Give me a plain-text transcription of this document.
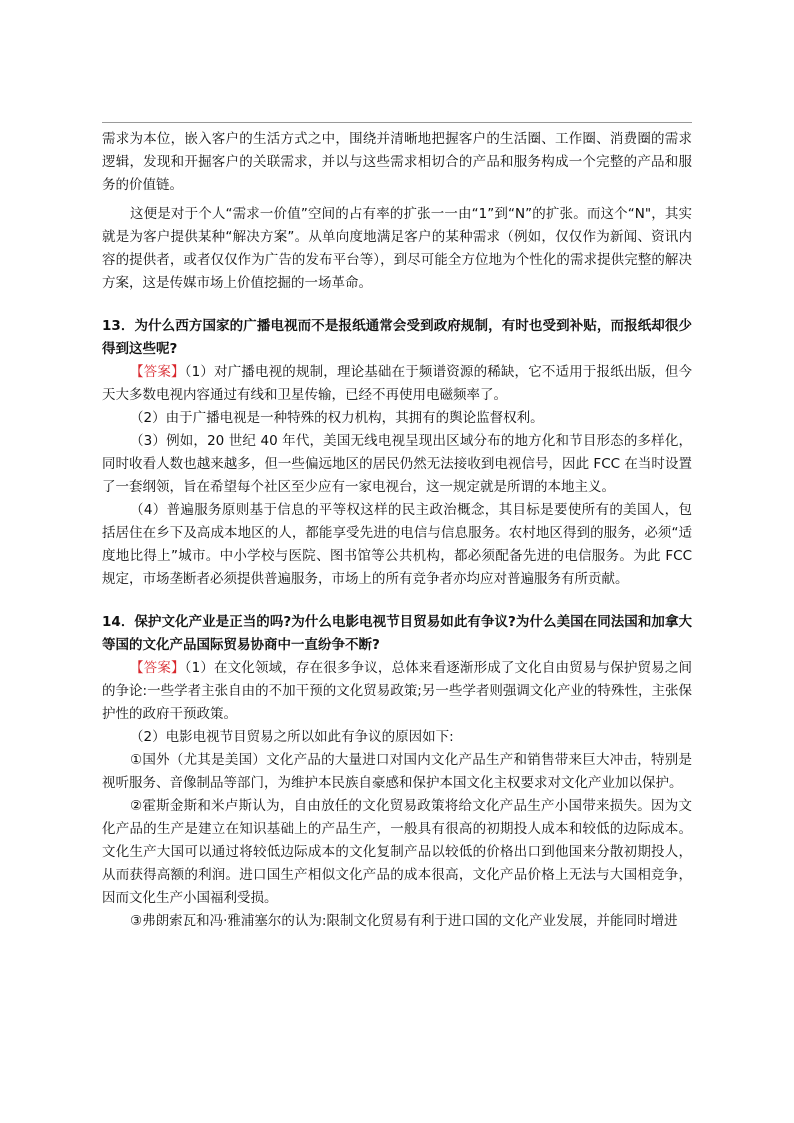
需求为本位，嵌入客户的生活方式之中，围绕并清晰地把握客户的生活圈、工作圈、消费圈的需求逻辑，发现和开掘客户的关联需求，并以与这些需求相切合的产品和服务构成一个完整的产品和服务的价值链。

这便是对于个人“需求一价值”空间的占有率的扩张一一由“1”到“N”的扩张。而这个“N"，其实就是为客户提供某种“解决方案”。从单向度地满足客户的某种需求（例如，仅仅作为新闻、资讯内容的提供者，或者仅仅作为广告的发布平台等），到尽可能全方位地为个性化的需求提供完整的解决方案，这是传媒市场上价值挖掘的一场革命。

13．为什么西方国家的广播电视而不是报纸通常会受到政府规制，有时也受到补贴，而报纸却很少得到这些呢?

【答案】（1）对广播电视的规制，理论基础在于频谱资源的稀缺，它不适用于报纸出版，但今天大多数电视内容通过有线和卫星传输，已经不再使用电磁频率了。

（2）由于广播电视是一种特殊的权力机构，其拥有的舆论监督权利。

（3）例如，20 世纪 40 年代，美国无线电视呈现出区域分布的地方化和节目形态的多样化，同时收看人数也越来越多，但一些偏远地区的居民仍然无法接收到电视信号，因此 FCC 在当时设置了一套纲领，旨在希望每个社区至少应有一家电视台，这一规定就是所谓的本地主义。

（4）普遍服务原则基于信息的平等权这样的民主政治概念，其目标是要使所有的美国人，包括居住在乡下及高成本地区的人，都能享受先进的电信与信息服务。农村地区得到的服务，必须“适度地比得上”城市。中小学校与医院、图书馆等公共机构，都必须配备先进的电信服务。为此 FCC 规定，市场垄断者必须提供普遍服务，市场上的所有竞争者亦均应对普遍服务有所贡献。

14．保护文化产业是正当的吗?为什么电影电视节目贸易如此有争议?为什么美国在同法国和加拿大等国的文化产品国际贸易协商中一直纷争不断?

【答案】（1）在文化领域，存在很多争议，总体来看逐渐形成了文化自由贸易与保护贸易之间的争论:一些学者主张自由的不加干预的文化贸易政策;另一些学者则强调文化产业的特殊性，主张保护性的政府干预政策。

（2）电影电视节目贸易之所以如此有争议的原因如下:

①国外（尤其是美国）文化产品的大量进口对国内文化产品生产和销售带来巨大冲击，特别是视听服务、音像制品等部门，为维护本民族自豪感和保护本国文化主权要求对文化产业加以保护。

②霍斯金斯和米卢斯认为，自由放任的文化贸易政策将给文化产品生产小国带来损失。因为文化产品的生产是建立在知识基础上的产品生产，一般具有很高的初期投人成本和较低的边际成本。文化生产大国可以通过将较低边际成本的文化复制产品以较低的价格出口到他国来分散初期投人，从而获得高额的利润。进口国生产相似文化产品的成本很高，文化产品价格上无法与大国相竞争，因而文化生产小国福利受损。

③弗朗索瓦和冯·雅浦塞尔的认为:限制文化贸易有利于进口国的文化产业发展，并能同时增进
